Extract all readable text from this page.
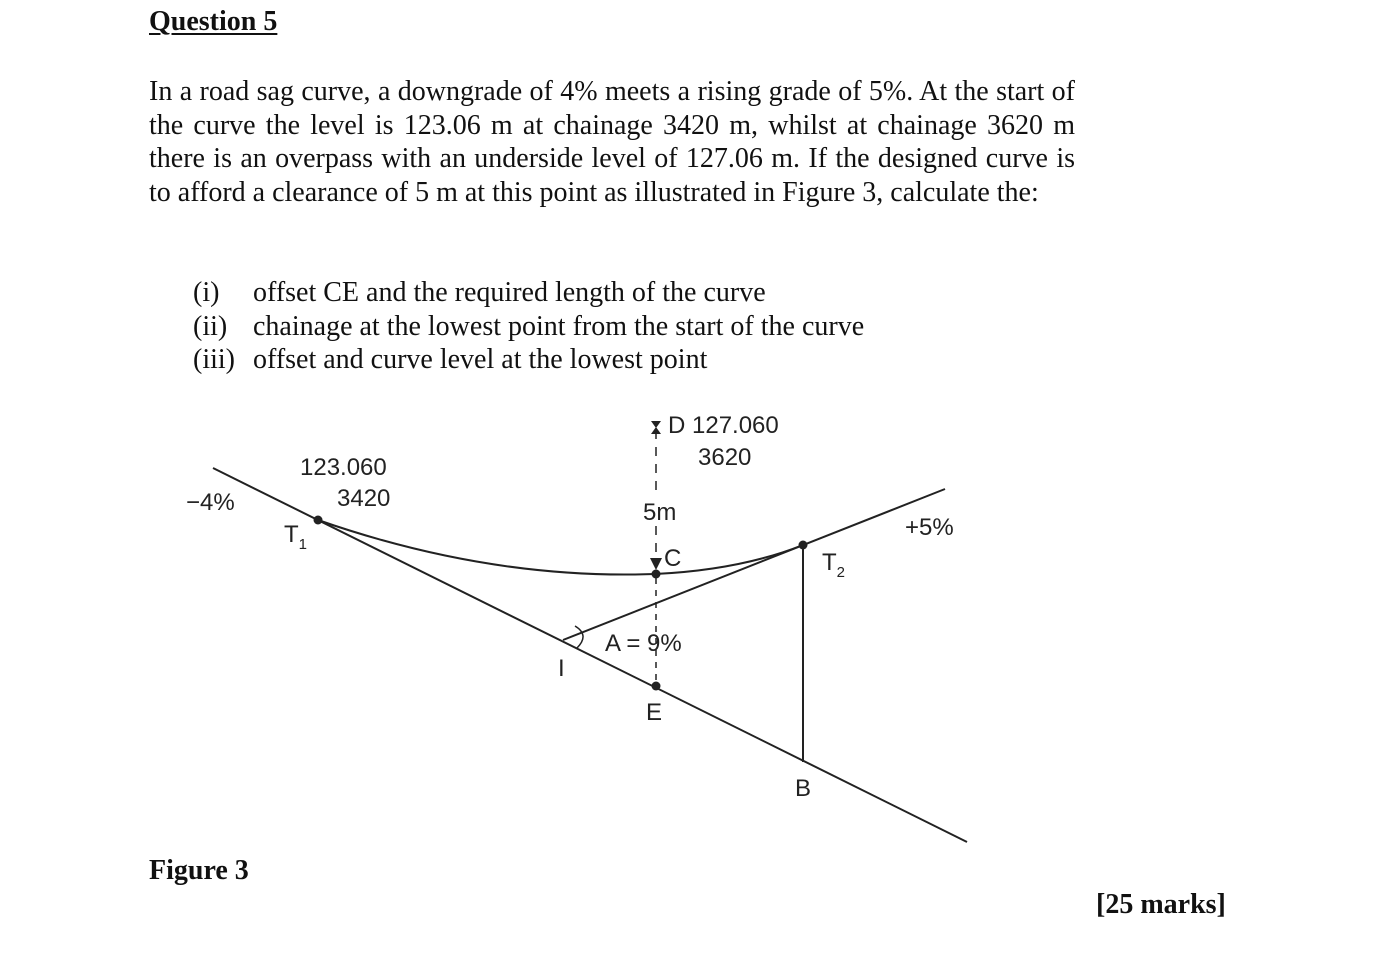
Question 5

In a road sag curve, a downgrade of 4% meets a rising grade of 5%. At the start of the curve the level is 123.06 m at chainage 3420 m, whilst at chainage 3620 m there is an overpass with an underside level of 127.06 m. If the designed curve is to afford a clearance of 5 m at this point as illustrated in Figure 3, calculate the:

(i)	offset CE and the required length of the curve
(ii) chainage at the lowest point from the start of the curve
(iii) offset and curve level at the lowest point
123.060
3420
−4%
$T_1$
D 127.060
3620
5m
C	$T_2$
+5%
A = 9%
I
E
B

Figure 3

[25 marks]
